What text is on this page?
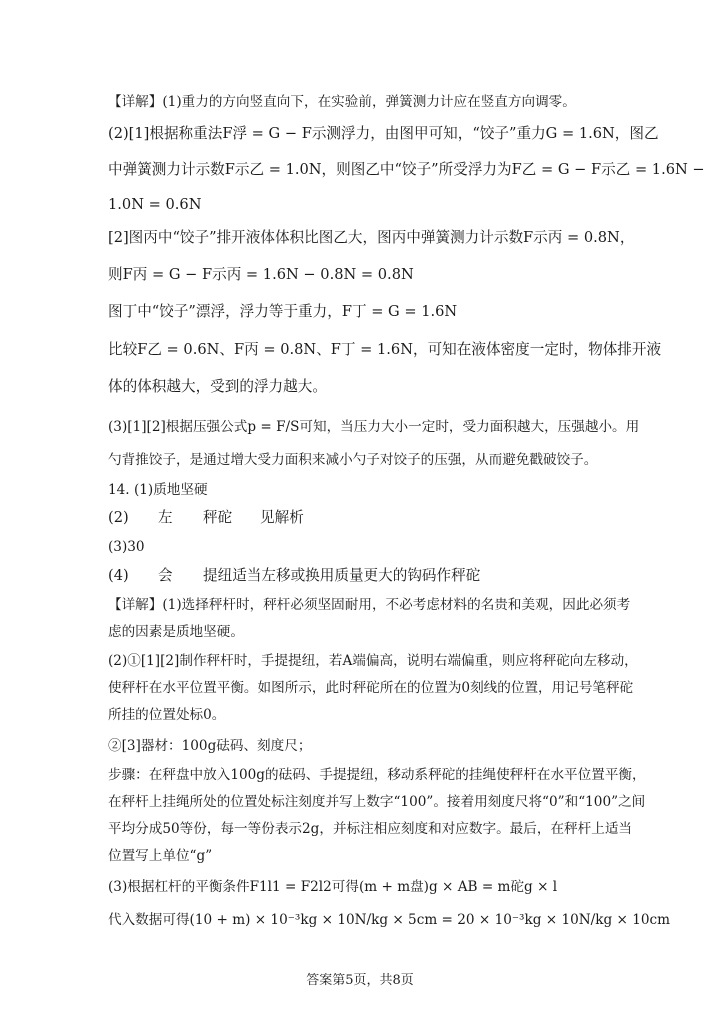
【详解】(1)重力的方向竖直向下，在实验前，弹簧测力计应在竖直方向调零。
(2)[1]根据称重法F浮 = G − F示测浮力，由图甲可知，“饺子”重力G = 1.6N，图乙
中弹簧测力计示数F示乙 = 1.0N，则图乙中“饺子”所受浮力为F乙 = G − F示乙 = 1.6N −
1.0N = 0.6N
[2]图丙中“饺子”排开液体体积比图乙大，图丙中弹簧测力计示数F示丙 = 0.8N，
则F丙 = G − F示丙 = 1.6N − 0.8N = 0.8N
图丁中“饺子”漂浮，浮力等于重力，F丁 = G = 1.6N
比较F乙 = 0.6N、F丙 = 0.8N、F丁 = 1.6N，可知在液体密度一定时，物体排开液
体的体积越大，受到的浮力越大。
(3)[1][2]根据压强公式p = F/S可知，当压力大小一定时，受力面积越大，压强越小。用
勺背推饺子，是通过增大受力面积来减小勺子对饺子的压强，从而避免戳破饺子。
14. (1)质地坚硬
(2) 左 秤砣 见解析
(3)30
(4) 会 提纽适当左移或换用质量更大的钩码作秤砣
【详解】(1)选择秤杆时，秤杆必须坚固耐用，不必考虑材料的名贵和美观，因此必须考
虑的因素是质地坚硬。
(2)①[1][2]制作秤杆时，手提提纽，若A端偏高，说明右端偏重，则应将秤砣向左移动，
使秤杆在水平位置平衡。如图所示，此时秤砣所在的位置为0刻线的位置，用记号笔秤砣
所挂的位置处标0。
②[3]器材：100g砝码、刻度尺；
步骤：在秤盘中放入100g的砝码、手提提纽，移动系秤砣的挂绳使秤杆在水平位置平衡，
在秤杆上挂绳所处的位置处标注刻度并写上数字“100”。接着用刻度尺将“0”和“100”之间
平均分成50等份，每一等份表示2g，并标注相应刻度和对应数字。最后，在秤杆上适当
位置写上单位“g”
(3)根据杠杆的平衡条件F1l1 = F2l2可得(m + m盘)g × AB = m砣g × l
代入数据可得(10 + m) × 10⁻³kg × 10N/kg × 5cm = 20 × 10⁻³kg × 10N/kg × 10cm
答案第5页，共8页
